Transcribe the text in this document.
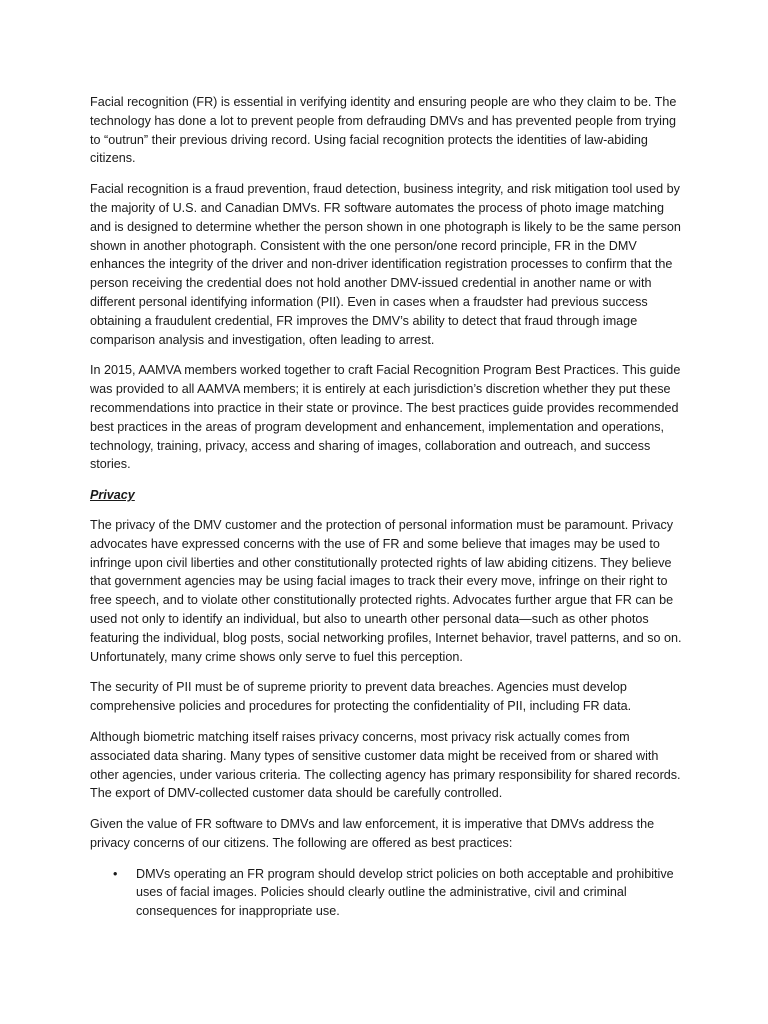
Facial recognition (FR) is essential in verifying identity and ensuring people are who they claim to be. The technology has done a lot to prevent people from defrauding DMVs and has prevented people from trying to “outrun” their previous driving record. Using facial recognition protects the identities of law-abiding citizens.

Facial recognition is a fraud prevention, fraud detection, business integrity, and risk mitigation tool used by the majority of U.S. and Canadian DMVs. FR software automates the process of photo image matching and is designed to determine whether the person shown in one photograph is likely to be the same person shown in another photograph. Consistent with the one person/one record principle, FR in the DMV enhances the integrity of the driver and non-driver identification registration processes to confirm that the person receiving the credential does not hold another DMV-issued credential in another name or with different personal identifying information (PII). Even in cases when a fraudster had previous success obtaining a fraudulent credential, FR improves the DMV’s ability to detect that fraud through image comparison analysis and investigation, often leading to arrest.

In 2015, AAMVA members worked together to craft Facial Recognition Program Best Practices. This guide was provided to all AAMVA members; it is entirely at each jurisdiction’s discretion whether they put these recommendations into practice in their state or province. The best practices guide provides recommended best practices in the areas of program development and enhancement, implementation and operations, technology, training, privacy, access and sharing of images, collaboration and outreach, and success stories.

Privacy

The privacy of the DMV customer and the protection of personal information must be paramount. Privacy advocates have expressed concerns with the use of FR and some believe that images may be used to infringe upon civil liberties and other constitutionally protected rights of law abiding citizens. They believe that government agencies may be using facial images to track their every move, infringe on their right to free speech, and to violate other constitutionally protected rights. Advocates further argue that FR can be used not only to identify an individual, but also to unearth other personal data—such as other photos featuring the individual, blog posts, social networking profiles, Internet behavior, travel patterns, and so on. Unfortunately, many crime shows only serve to fuel this perception.

The security of PII must be of supreme priority to prevent data breaches. Agencies must develop comprehensive policies and procedures for protecting the confidentiality of PII, including FR data.

Although biometric matching itself raises privacy concerns, most privacy risk actually comes from associated data sharing. Many types of sensitive customer data might be received from or shared with other agencies, under various criteria. The collecting agency has primary responsibility for shared records. The export of DMV-collected customer data should be carefully controlled.

Given the value of FR software to DMVs and law enforcement, it is imperative that DMVs address the privacy concerns of our citizens. The following are offered as best practices:

• DMVs operating an FR program should develop strict policies on both acceptable and prohibitive uses of facial images. Policies should clearly outline the administrative, civil and criminal consequences for inappropriate use.
